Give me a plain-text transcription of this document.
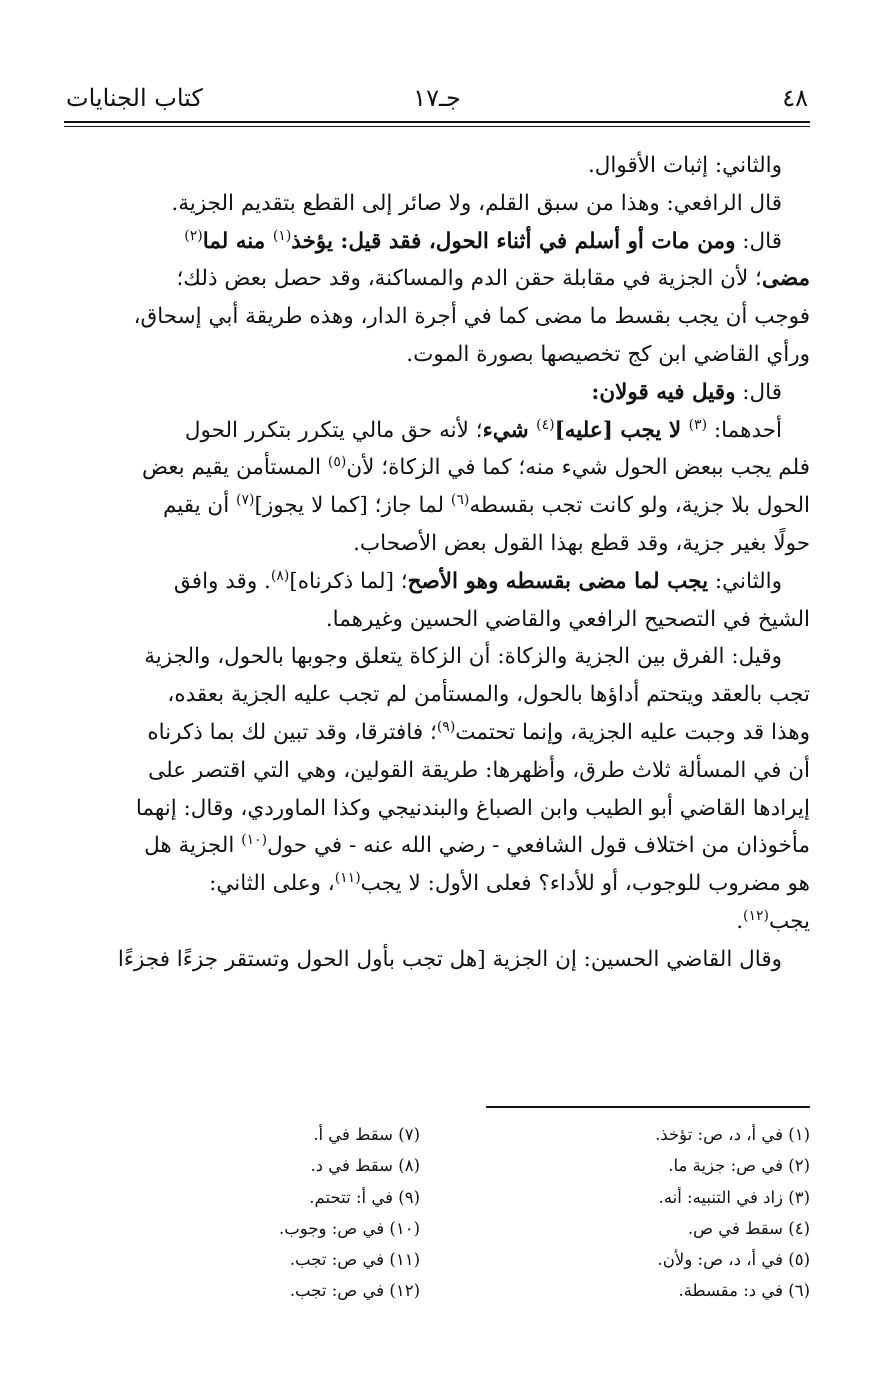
٤٨
جـ١٧
كتاب الجنايات

والثاني: إثبات الأقوال.

قال الرافعي: وهذا من سبق القلم، ولا صائر إلى القطع بتقديم الجزية.

قال: ومن مات أو أسلم في أثناء الحول، فقد قيل: يؤخذ$^{(١)}$ منه لما$^{(٢)}$
مضى؛ لأن الجزية في مقابلة حقن الدم والمساكنة، وقد حصل بعض ذلك؛
فوجب أن يجب بقسط ما مضى كما في أجرة الدار، وهذه طريقة أبي إسحاق،
ورأي القاضي ابن كج تخصيصها بصورة الموت.

قال: وقيل فيه قولان:

أحدهما: $^{(٣)}$ لا يجب [عليه]$^{(٤)}$ شيء؛ لأنه حق مالي يتكرر بتكرر الحول
فلم يجب ببعض الحول شيء منه؛ كما في الزكاة؛ لأن$^{(٥)}$ المستأمن يقيم بعض
الحول بلا جزية، ولو كانت تجب بقسطه$^{(٦)}$ لما جاز؛ [كما لا يجوز]$^{(٧)}$ أن يقيم
حولًا بغير جزية، وقد قطع بهذا القول بعض الأصحاب.

والثاني: يجب لما مضى بقسطه وهو الأصح؛ [لما ذكرناه]$^{(٨)}$. وقد وافق
الشيخ في التصحيح الرافعي والقاضي الحسين وغيرهما.

وقيل: الفرق بين الجزية والزكاة: أن الزكاة يتعلق وجوبها بالحول، والجزية
تجب بالعقد ويتحتم أداؤها بالحول، والمستأمن لم تجب عليه الجزية بعقده،
وهذا قد وجبت عليه الجزية، وإنما تحتمت$^{(٩)}$؛ فافترقا، وقد تبين لك بما ذكرناه
أن في المسألة ثلاث طرق، وأظهرها: طريقة القولين، وهي التي اقتصر على
إيرادها القاضي أبو الطيب وابن الصباغ والبندنيجي وكذا الماوردي، وقال: إنهما
مأخوذان من اختلاف قول الشافعي - رضي الله عنه - في حول$^{(١٠)}$ الجزية هل
هو مضروب للوجوب، أو للأداء؟ فعلى الأول: لا يجب$^{(١١)}$، وعلى الثاني:
يجب$^{(١٢)}$.

وقال القاضي الحسين: إن الجزية [هل تجب بأول الحول وتستقر جزءًا فجزءًا

(١) في أ، د، ص: تؤخذ.
(٢) في ص: جزية ما.
(٣) زاد في التنبيه: أنه.
(٤) سقط في ص.
(٥) في أ، د، ص: ولأن.
(٦) في د: مقسطة.
(٧) سقط في أ.
(٨) سقط في د.
(٩) في أ: تتحتم.
(١٠) في ص: وجوب.
(١١) في ص: تجب.
(١٢) في ص: تجب.
